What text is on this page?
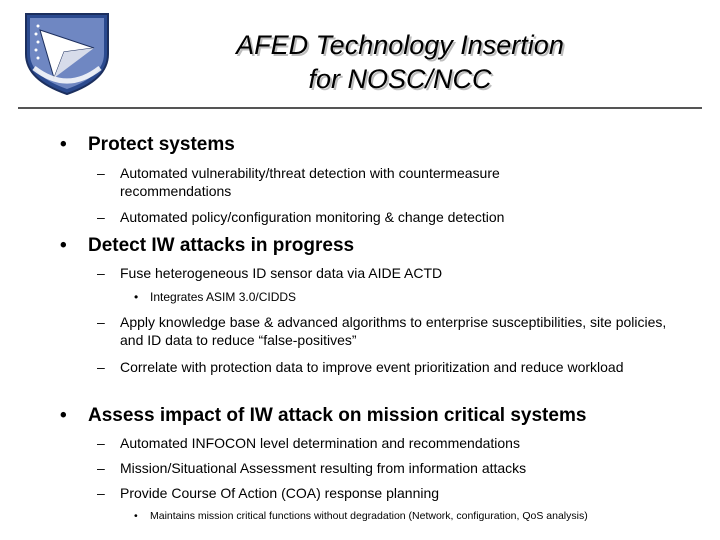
AFED Technology Insertion
for NOSC/NCC
• Protect systems
– Automated vulnerability/threat detection with countermeasure recommendations
– Automated policy/configuration monitoring & change detection
• Detect IW attacks in progress
– Fuse heterogeneous ID sensor data via AIDE ACTD
• Integrates ASIM 3.0/CIDDS
– Apply knowledge base & advanced algorithms to enterprise susceptibilities, site policies, and ID data to reduce “false-positives”
– Correlate with protection data to improve event prioritization and reduce workload
• Assess impact of IW attack on mission critical systems
– Automated INFOCON level determination and recommendations
– Mission/Situational Assessment resulting from information attacks
– Provide Course Of Action (COA) response planning
• Maintains mission critical functions without degradation (Network, configuration, QoS analysis)
